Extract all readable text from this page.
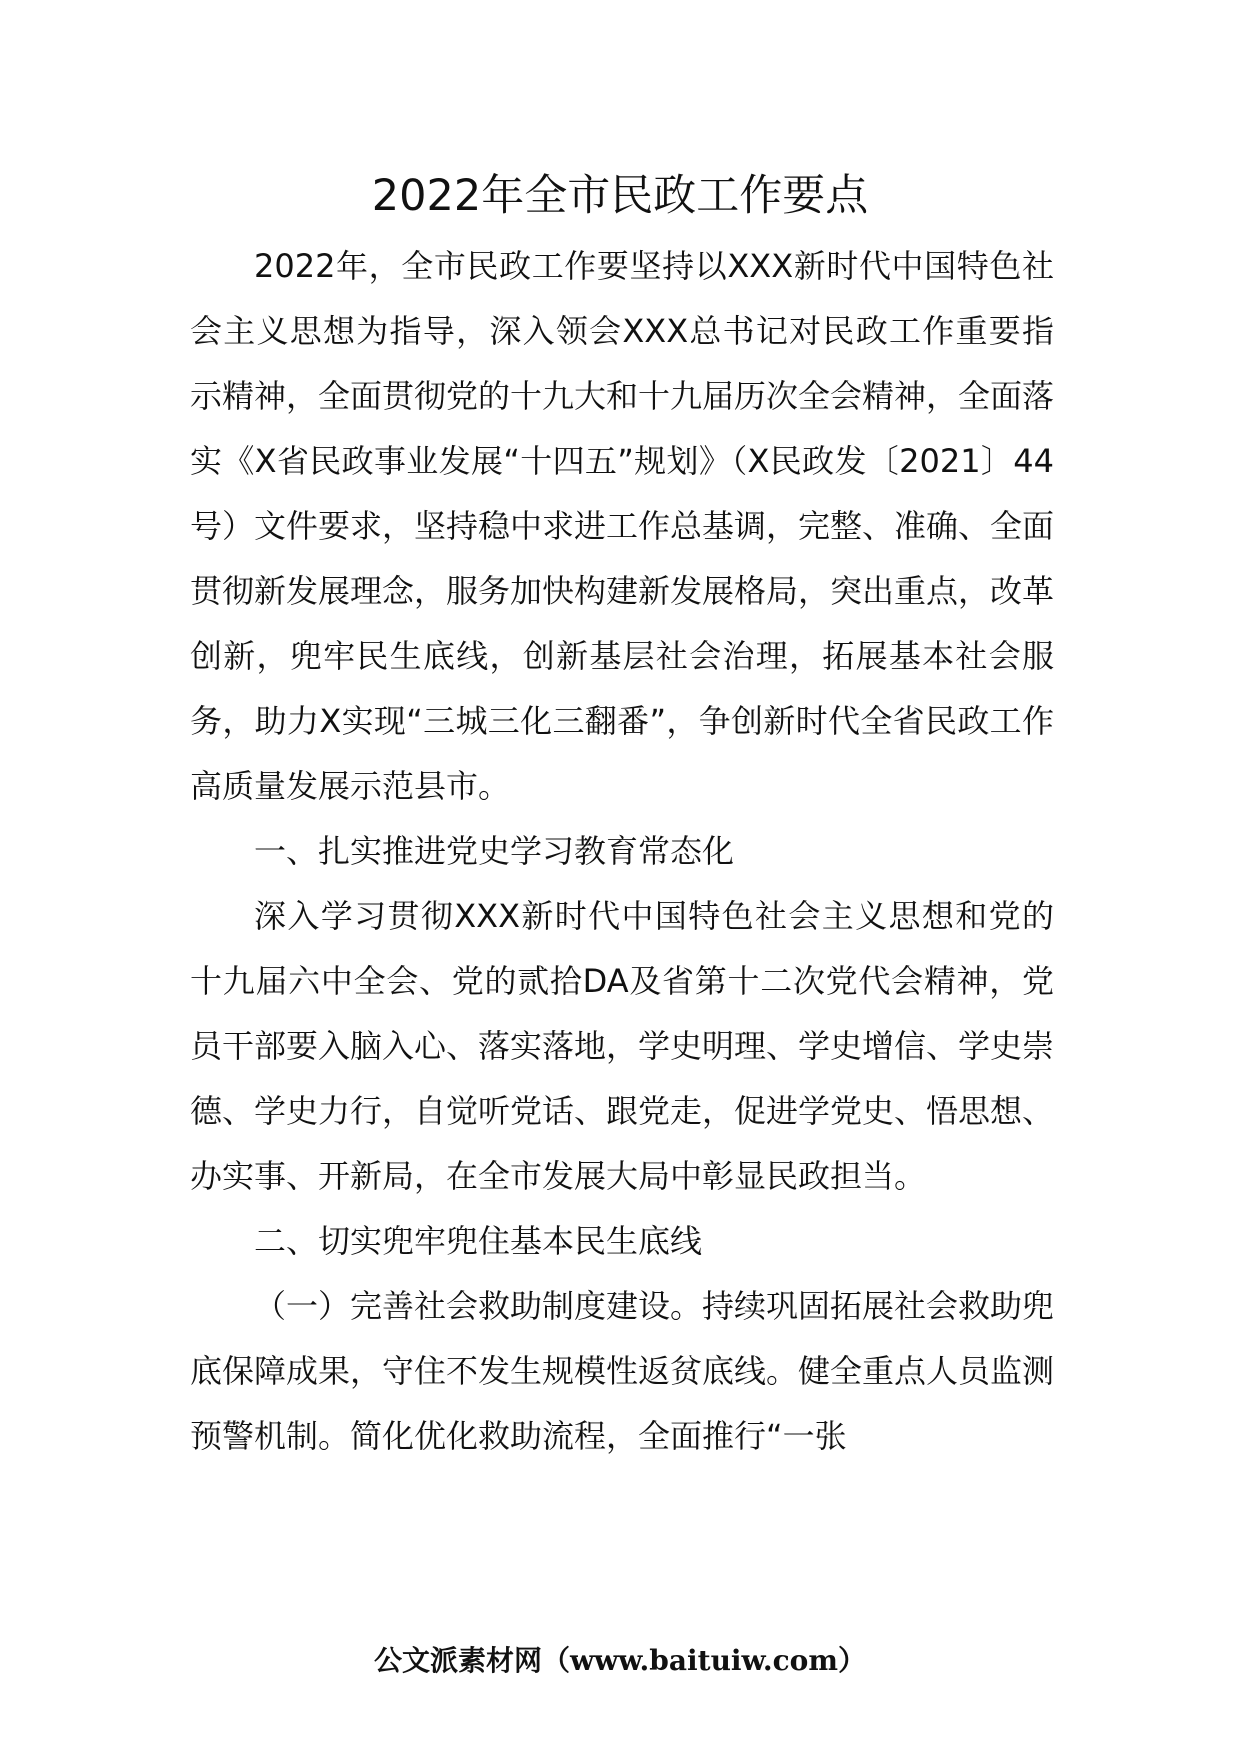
2022年全市民政工作要点

2022年，全市民政工作要坚持以XXX新时代中国特色社会主义思想为指导，深入领会XXX总书记对民政工作重要指示精神，全面贯彻党的十九大和十九届历次全会精神，全面落实《X省民政事业发展“十四五”规划》（X民政发〔2021〕44号）文件要求，坚持稳中求进工作总基调，完整、准确、全面贯彻新发展理念，服务加快构建新发展格局，突出重点，改革创新，兜牢民生底线，创新基层社会治理，拓展基本社会服务，助力X实现“三城三化三翻番”，争创新时代全省民政工作高质量发展示范县市。

一、扎实推进党史学习教育常态化

深入学习贯彻XXX新时代中国特色社会主义思想和党的十九届六中全会、党的贰拾DA及省第十二次党代会精神，党员干部要入脑入心、落实落地，学史明理、学史增信、学史崇德、学史力行，自觉听党话、跟党走，促进学党史、悟思想、办实事、开新局，在全市发展大局中彰显民政担当。

二、切实兜牢兜住基本民生底线

（一）完善社会救助制度建设。持续巩固拓展社会救助兜底保障成果，守住不发生规模性返贫底线。健全重点人员监测预警机制。简化优化救助流程，全面推行“一张

公文派素材网（www.baituiw.com）
